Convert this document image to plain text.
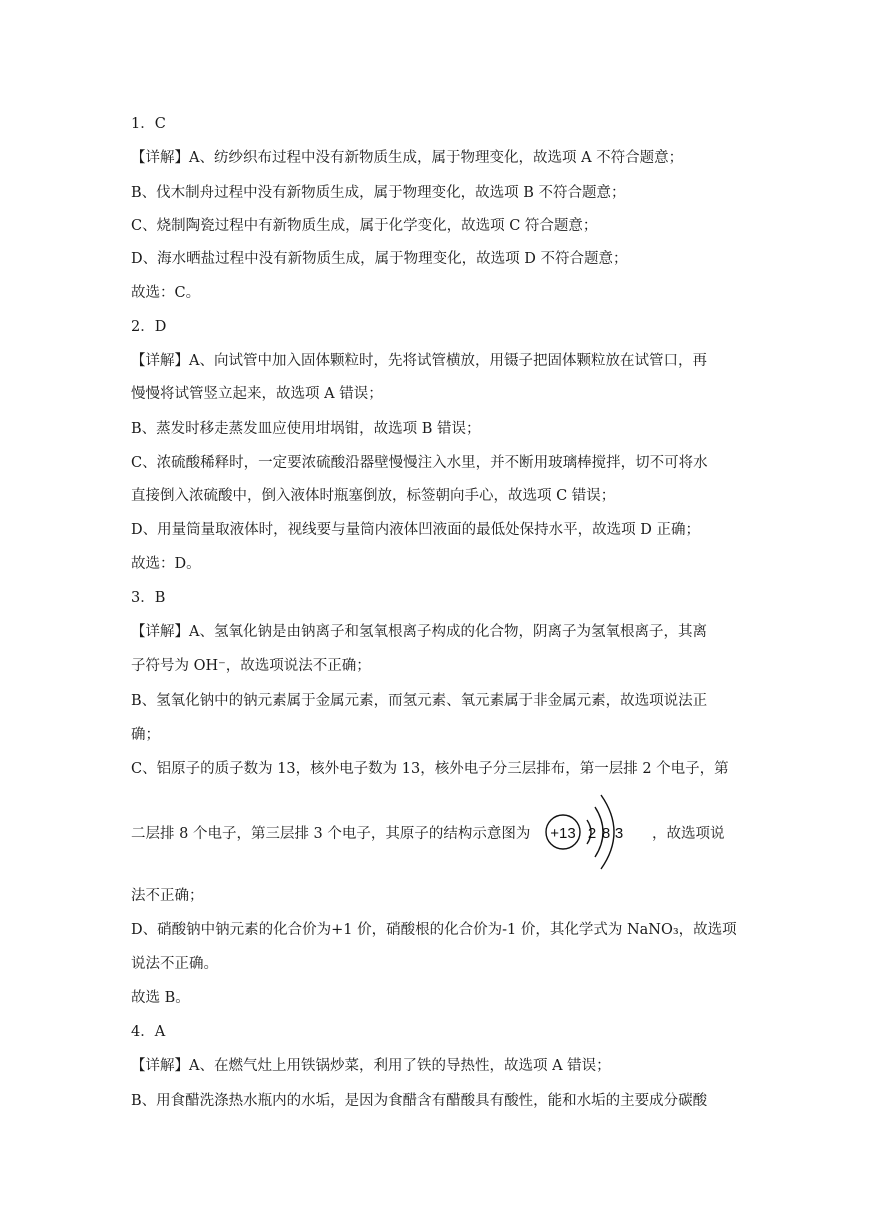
1．C
【详解】A、纺纱织布过程中没有新物质生成，属于物理变化，故选项 A 不符合题意；
B、伐木制舟过程中没有新物质生成，属于物理变化，故选项 B 不符合题意；
C、烧制陶瓷过程中有新物质生成，属于化学变化，故选项 C 符合题意；
D、海水晒盐过程中没有新物质生成，属于物理变化，故选项 D 不符合题意；
故选：C。
2．D
【详解】A、向试管中加入固体颗粒时，先将试管横放，用镊子把固体颗粒放在试管口，再
慢慢将试管竖立起来，故选项 A 错误；
B、蒸发时移走蒸发皿应使用坩埚钳，故选项 B 错误；
C、浓硫酸稀释时，一定要浓硫酸沿器壁慢慢注入水里，并不断用玻璃棒搅拌，切不可将水
直接倒入浓硫酸中，倒入液体时瓶塞倒放，标签朝向手心，故选项 C 错误；
D、用量筒量取液体时，视线要与量筒内液体凹液面的最低处保持水平，故选项 D 正确；
故选：D。
3．B
【详解】A、氢氧化钠是由钠离子和氢氧根离子构成的化合物，阴离子为氢氧根离子，其离
子符号为 OH⁻，故选项说法不正确；
B、氢氧化钠中的钠元素属于金属元素，而氢元素、氧元素属于非金属元素，故选项说法正
确；
C、铝原子的质子数为 13，核外电子数为 13，核外电子分三层排布，第一层排 2 个电子，第
二层排 8 个电子，第三层排 3 个电子，其原子的结构示意图为 +13 2 8 3 ，故选项说
法不正确；
D、硝酸钠中钠元素的化合价为+1 价，硝酸根的化合价为-1 价，其化学式为 NaNO₃，故选项
说法不正确。
故选 B。
4．A
【详解】A、在燃气灶上用铁锅炒菜，利用了铁的导热性，故选项 A 错误；
B、用食醋洗涤热水瓶内的水垢，是因为食醋含有醋酸具有酸性，能和水垢的主要成分碳酸
